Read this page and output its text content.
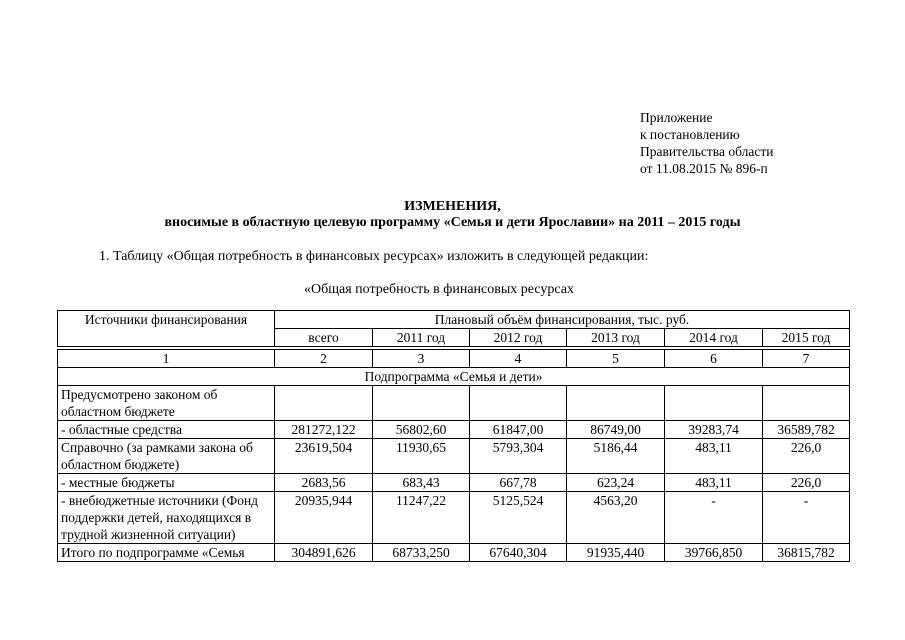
Приложение
к постановлению
Правительства области
от 11.08.2015 № 896-п
ИЗМЕНЕНИЯ,
вносимые в областную целевую программу «Семья и дети Ярославии» на 2011 – 2015 годы
1. Таблицу «Общая потребность в финансовых ресурсах» изложить в следующей редакции:
«Общая потребность в финансовых ресурсах
Источники финансирования	Плановый объём финансирования, тыс. руб.					
	всего	2011 год	2012 год	2013 год	2014 год	2015 год

1	2	3	4	5	6	7
Подпрограмма «Семья и дети»						
Предусмотрено законом об областном бюджете						
- областные средства	281272,122	56802,60	61847,00	86749,00	39283,74	36589,782
Справочно (за рамками закона об областном бюджете)	23619,504	11930,65	5793,304	5186,44	483,11	226,0
- местные бюджеты	2683,56	683,43	667,78	623,24	483,11	226,0
- внебюджетные источники (Фонд поддержки детей, находящихся в трудной жизненной ситуации)	20935,944	11247,22	5125,524	4563,20	-	-
Итого по подпрограмме «Семья	304891,626	68733,250	67640,304	91935,440	39766,850	36815,782
